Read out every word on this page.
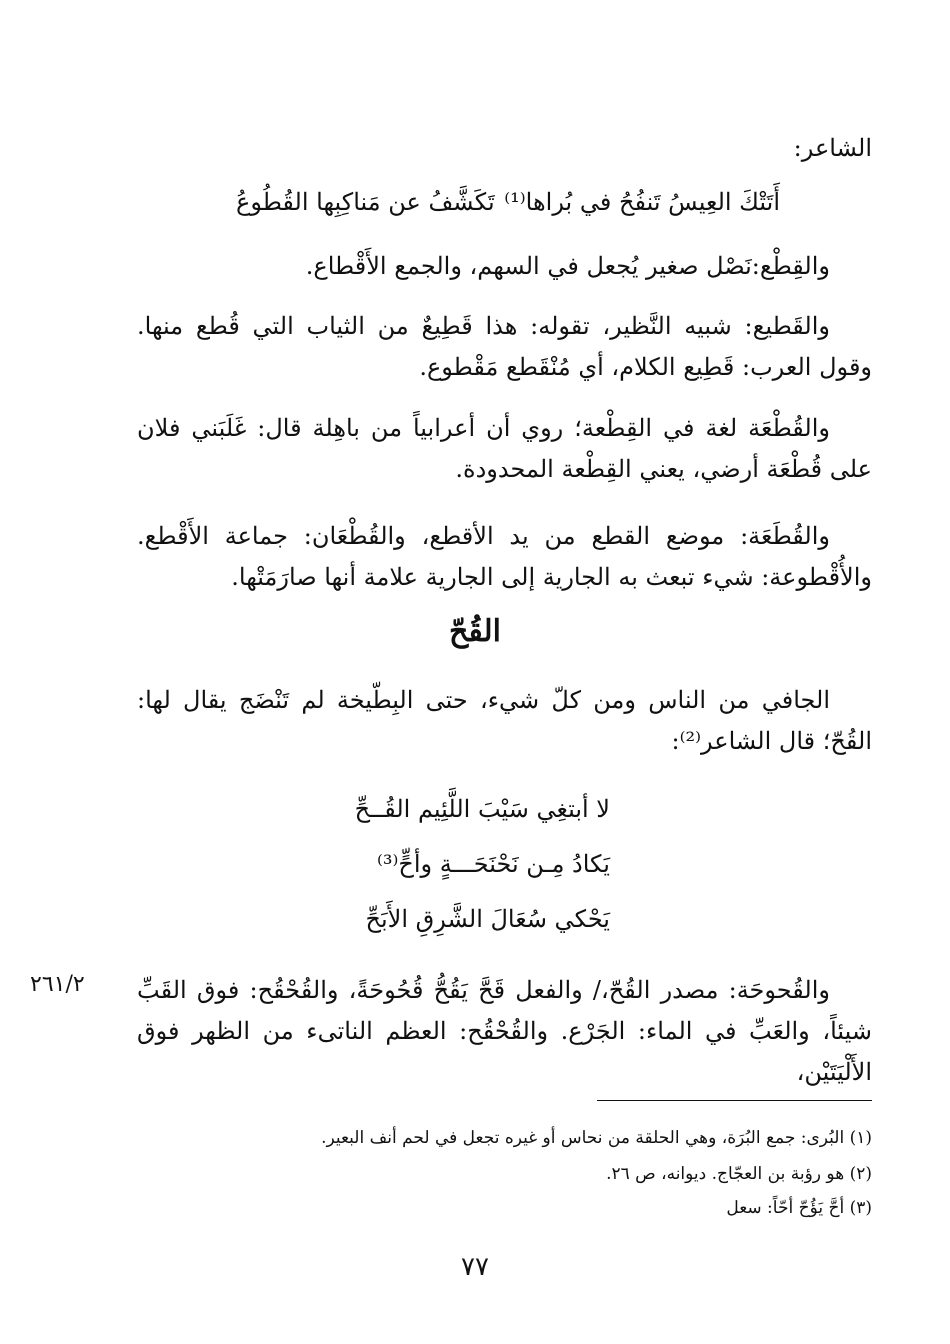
الشاعر:

أَتَتْكَ العِيسُ تَنفُحُ في بُراها⁽¹⁾
تَكَشَّفُ عن مَناكِبِها القُطُوعُ

والقِطْع:نَصْل صغير يُجعل في السهم، والجمع الأَقْطاع.

والقَطيع: شبيه النَّظير، تقوله: هذا قَطِيعٌ من الثياب التي قُطع منها. وقول العرب: قَطِيع الكلام، أي مُنْقَطع مَقْطوع.

والقُطْعَة لغة في القِطْعة؛ روي أن أعرابياً من باهِلة قال: غَلَبَني فلان على قُطْعَة أرضي، يعني القِطْعة المحدودة.

والقُطَعَة: موضع القطع من يد الأقطع، والقُطْعَان: جماعة الأَقْطع. والأُقْطوعة: شيء تبعث به الجارية إلى الجارية علامة أنها صارَمَتْها.

القُحّ

الجافي من الناس ومن كلّ شيء، حتى البِطّيخة لم تَنْضَج يقال لها: القُحّ؛ قال الشاعر⁽²⁾:

لا أبتغِي سَيْبَ اللَّئِيم القُــحِّ
يَكادُ مِـن نَحْنَحَـــةٍ وأحٍّ⁽³⁾
يَحْكي سُعَالَ الشَّرِقِ الأَبَحِّ

والقُحوحَة: مصدر القُحّ،/ والفعل قَحَّ يَقُحُّ قُحُوحَةً، والقُحْقُح: فوق القَبِّ شيئاً، والعَبِّ في الماء: الجَرْع. والقُحْقُح: العظم الناتىء من الظهر فوق الأَلْيَتَيْن،

٢٦١/٢

(١) البُرى: جمع البُرَة، وهي الحلقة من نحاس أو غيره تجعل في لحم أنف البعير.

(٢) هو رؤبة بن العجّاج. ديوانه، ص ٢٦.

(٣) أحَّ يَؤُحّ أحّاً: سعل

٧٧
